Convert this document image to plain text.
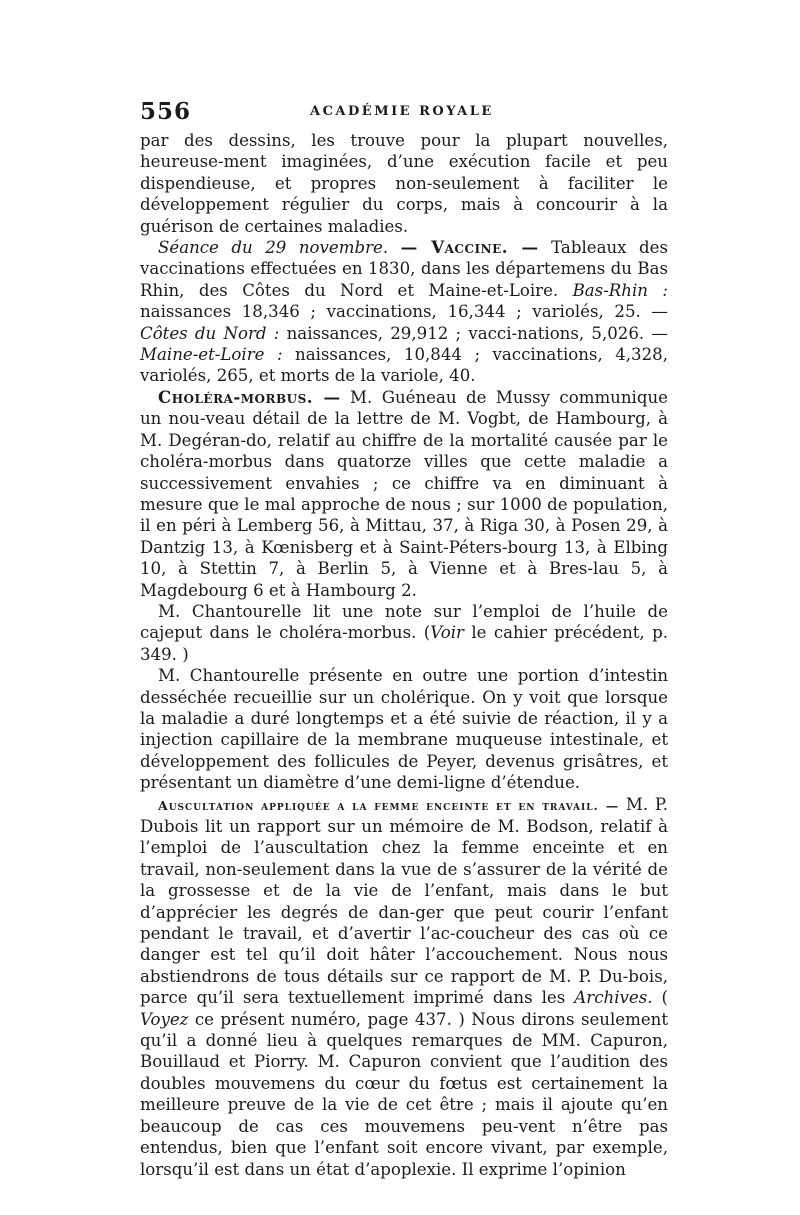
556	ACADÉMIE ROYALE

par des dessins, les trouve pour la plupart nouvelles, heureuse-ment imaginées, d’une exécution facile et peu dispendieuse, et propres non-seulement à faciliter le développement régulier du corps, mais à concourir à la guérison de certaines maladies.

Séance du 29 novembre. — Vaccine. — Tableaux des vaccinations effectuées en 1830, dans les départemens du Bas Rhin, des Côtes du Nord et Maine-et-Loire. Bas-Rhin : naissances 18,346 ; vaccinations, 16,344 ; variolés, 25. — Côtes du Nord : naissances, 29,912 ; vacci-nations, 5,026. — Maine-et-Loire : naissances, 10,844 ; vaccinations, 4,328, variolés, 265, et morts de la variole, 40.

Choléra-morbus. — M. Guéneau de Mussy communique un nou-veau détail de la lettre de M. Vogbt, de Hambourg, à M. Degéran-do, relatif au chiffre de la mortalité causée par le choléra-morbus dans quatorze villes que cette maladie a successivement envahies ; ce chiffre va en diminuant à mesure que le mal approche de nous ; sur 1000 de population, il en péri à Lemberg 56, à Mittau, 37, à Riga 30, à Posen 29, à Dantzig 13, à Kœnisberg et à Saint-Péters-bourg 13, à Elbing 10, à Stettin 7, à Berlin 5, à Vienne et à Bres-lau 5, à Magdebourg 6 et à Hambourg 2.

M. Chantourelle lit une note sur l’emploi de l’huile de cajeput dans le choléra-morbus. (Voir le cahier précédent, p. 349. )

M. Chantourelle présente en outre une portion d’intestin desséchée recueillie sur un cholérique. On y voit que lorsque la maladie a duré longtemps et a été suivie de réaction, il y a injection capillaire de la membrane muqueuse intestinale, et développement des follicules de Peyer, devenus grisâtres, et présentant un diamètre d’une demi-ligne d’étendue.

Auscultation appliquée a la femme enceinte et en travail. — M. P. Dubois lit un rapport sur un mémoire de M. Bodson, relatif à l’emploi de l’auscultation chez la femme enceinte et en travail, non-seulement dans la vue de s’assurer de la vérité de la grossesse et de la vie de l’enfant, mais dans le but d’apprécier les degrés de dan-ger que peut courir l’enfant pendant le travail, et d’avertir l’ac-coucheur des cas où ce danger est tel qu’il doit hâter l’accouchement. Nous nous abstiendrons de tous détails sur ce rapport de M. P. Du-bois, parce qu’il sera textuellement imprimé dans les Archives. ( Voyez ce présent numéro, page 437. ) Nous dirons seulement qu’il a donné lieu à quelques remarques de MM. Capuron, Bouillaud et Piorry. M. Capuron convient que l’audition des doubles mouvemens du cœur du fœtus est certainement la meilleure preuve de la vie de cet être ; mais il ajoute qu’en beaucoup de cas ces mouvemens peu-vent n’être pas entendus, bien que l’enfant soit encore vivant, par exemple, lorsqu’il est dans un état d’apoplexie. Il exprime l’opinion
